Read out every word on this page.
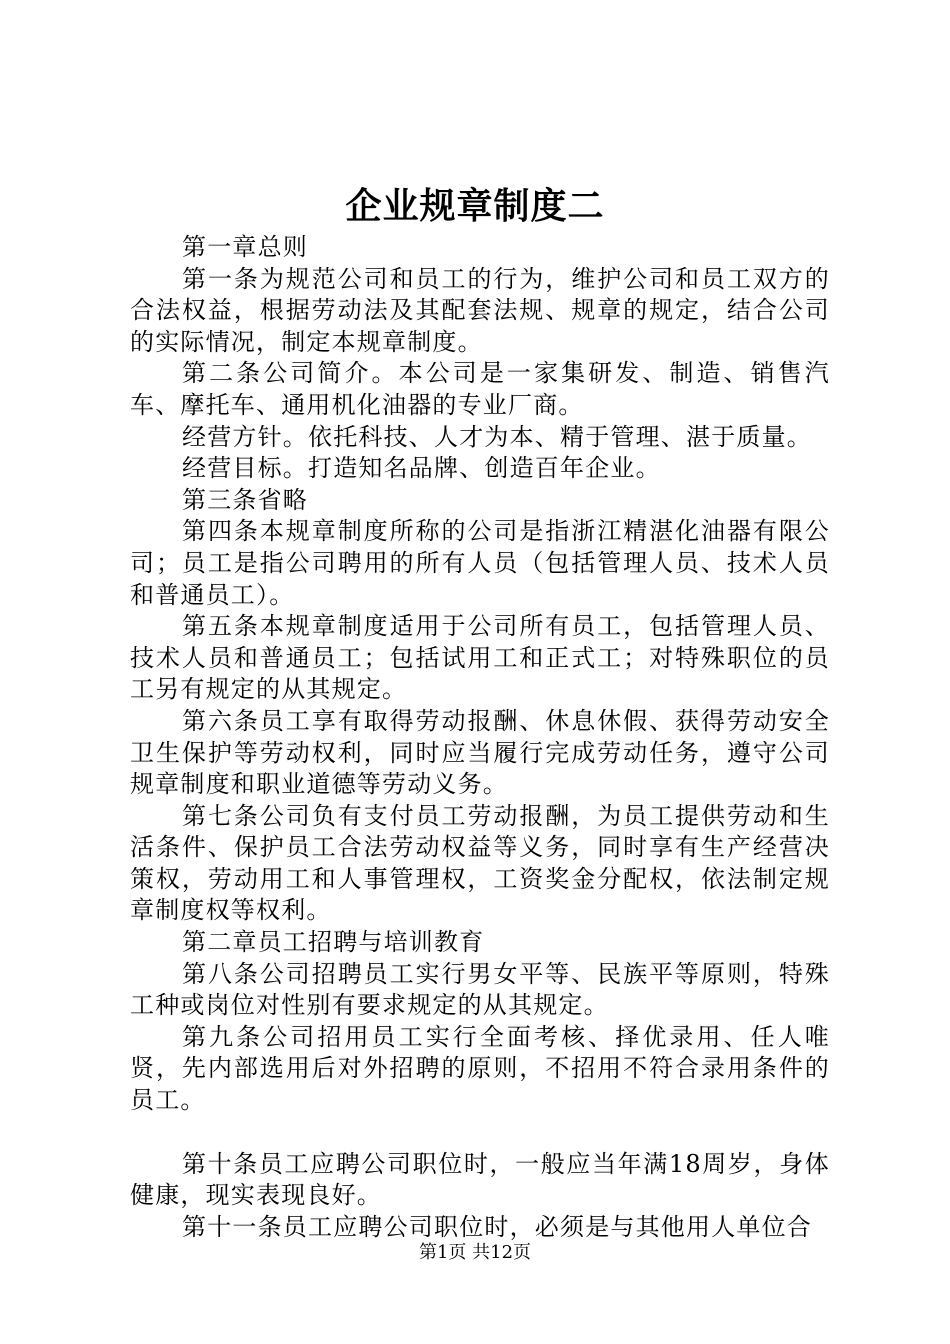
企业规章制度二

第一章总则

第一条为规范公司和员工的行为，维护公司和员工双方的合法权益，根据劳动法及其配套法规、规章的规定，结合公司的实际情况，制定本规章制度。

第二条公司简介。本公司是一家集研发、制造、销售汽车、摩托车、通用机化油器的专业厂商。

经营方针。依托科技、人才为本、精于管理、湛于质量。

经营目标。打造知名品牌、创造百年企业。

第三条省略

第四条本规章制度所称的公司是指浙江精湛化油器有限公司；员工是指公司聘用的所有人员（包括管理人员、技术人员和普通员工）。

第五条本规章制度适用于公司所有员工，包括管理人员、技术人员和普通员工；包括试用工和正式工；对特殊职位的员工另有规定的从其规定。

第六条员工享有取得劳动报酬、休息休假、获得劳动安全卫生保护等劳动权利，同时应当履行完成劳动任务，遵守公司规章制度和职业道德等劳动义务。

第七条公司负有支付员工劳动报酬，为员工提供劳动和生活条件、保护员工合法劳动权益等义务，同时享有生产经营决策权，劳动用工和人事管理权，工资奖金分配权，依法制定规章制度权等权利。

第二章员工招聘与培训教育

第八条公司招聘员工实行男女平等、民族平等原则，特殊工种或岗位对性别有要求规定的从其规定。

第九条公司招用员工实行全面考核、择优录用、任人唯贤，先内部选用后对外招聘的原则，不招用不符合录用条件的员工。

第十条员工应聘公司职位时，一般应当年满18周岁，身体健康，现实表现良好。

第十一条员工应聘公司职位时，必须是与其他用人单位合

第1页 共12页
